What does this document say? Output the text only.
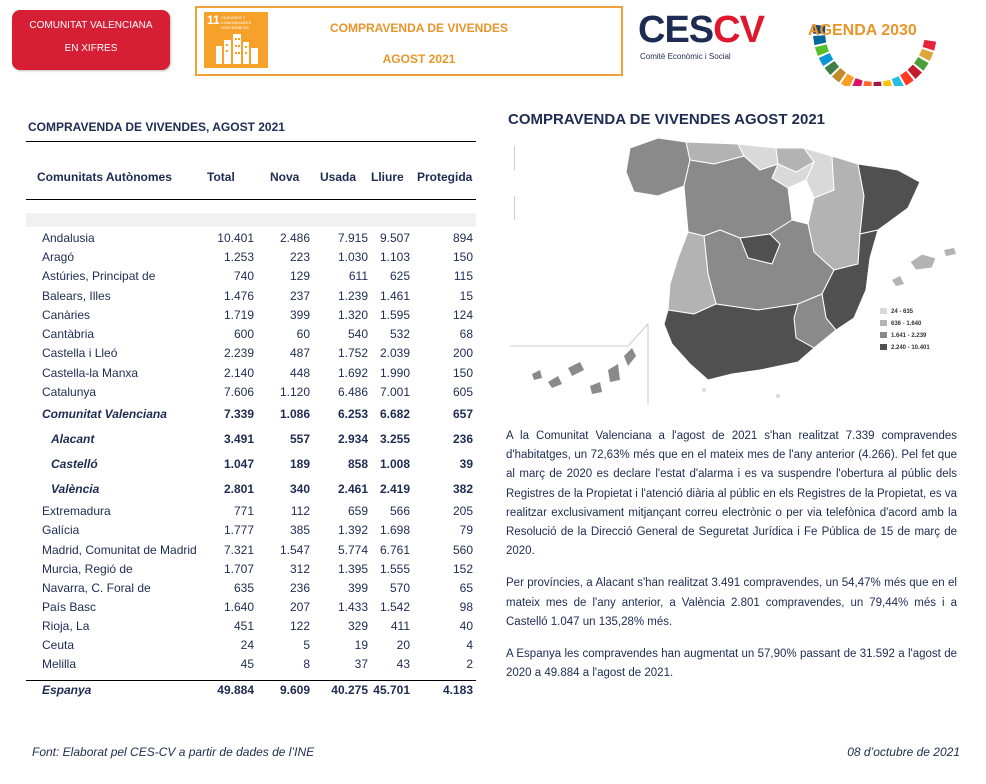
COMUNITAT VALENCIANA
EN XIFRES
11 CIUDADES Y COMUNIDADES SOSTENIBLES	COMPRAVENDA DE VIVENDES
AGOST 2021
CESCV
Comitè Econòmic i Social
AGENDA 2030
COMPRAVENDA DE VIVENDES, AGOST 2021
Comunitats Autònomes	Total	Nova Usada Lliure Protegida
Andalusia	10.401	2.486	7.915 9.507	894
Aragó	1.253	223	1.030 1.103	150
Astúries, Principat de	740	129	611	625	115
Balears, Illes	1.476	237	1.239 1.461	15
Canàries	1.719	399	1.320 1.595	124
Cantàbria	600	60	540	532	68
Castella i Lleó	2.239	487	1.752 2.039	200
Castella-la Manxa	2.140	448	1.692 1.990	150
Catalunya	7.606	1.120	6.486 7.001	605
Comunitat Valenciana	7.339	1.086	6.253 6.682	657
Alacant	3.491	557	2.934 3.255	236
Castelló	1.047	189	858 1.008	39
València	2.801	340	2.461 2.419	382
Extremadura	771	112	659	566	205
Galícia	1.777	385	1.392 1.698	79
Madrid, Comunitat de Madrid	7.321	1.547	5.774 6.761	560
Murcia, Regió de	1.707	312	1.395 1.555	152
Navarra, C. Foral de	635	236	399	570	65
País Basc	1.640	207	1.433 1.542	98
Rioja, La	451	122	329	411	40
Ceuta	24	5	19	20	4
Melilla	45	8	37	43	2
Espanya	49.884	9.609	40.275 45.701	4.183
COMPRAVENDA DE VIVENDES AGOST 2021
24 - 635
636 - 1.640
1.641 - 2.239
2.240 - 10.401

A la Comunitat Valenciana a l'agost de 2021 s'han realitzat 7.339 compravendes d'habitatges, un 72,63% més que en el mateix mes de l'any anterior (4.266). Pel fet que al març de 2020 es declare l'estat d'alarma i es va suspendre l'obertura al públic dels Registres de la Propietat i l'atenció diària al públic en els Registres de la Propietat, es va realitzar exclusivament mitjançant correu electrònic o per via telefònica d'acord amb la Resolució de la Direcció General de Seguretat Jurídica i Fe Pública de 15 de març de 2020.

Per províncies, a Alacant s'han realitzat 3.491 compravendes, un 54,47% més que en el mateix mes de l'any anterior, a València 2.801 compravendes, un 79,44% més i a Castelló 1.047 un 135,28% més.

A Espanya les compravendes han augmentat un 57,90% passant de 31.592 a l'agost de 2020 a 49.884 a l'agost de 2021.

Font: Elaborat pel CES-CV a partir de dades de l’INE	08 d’octubre de 2021
